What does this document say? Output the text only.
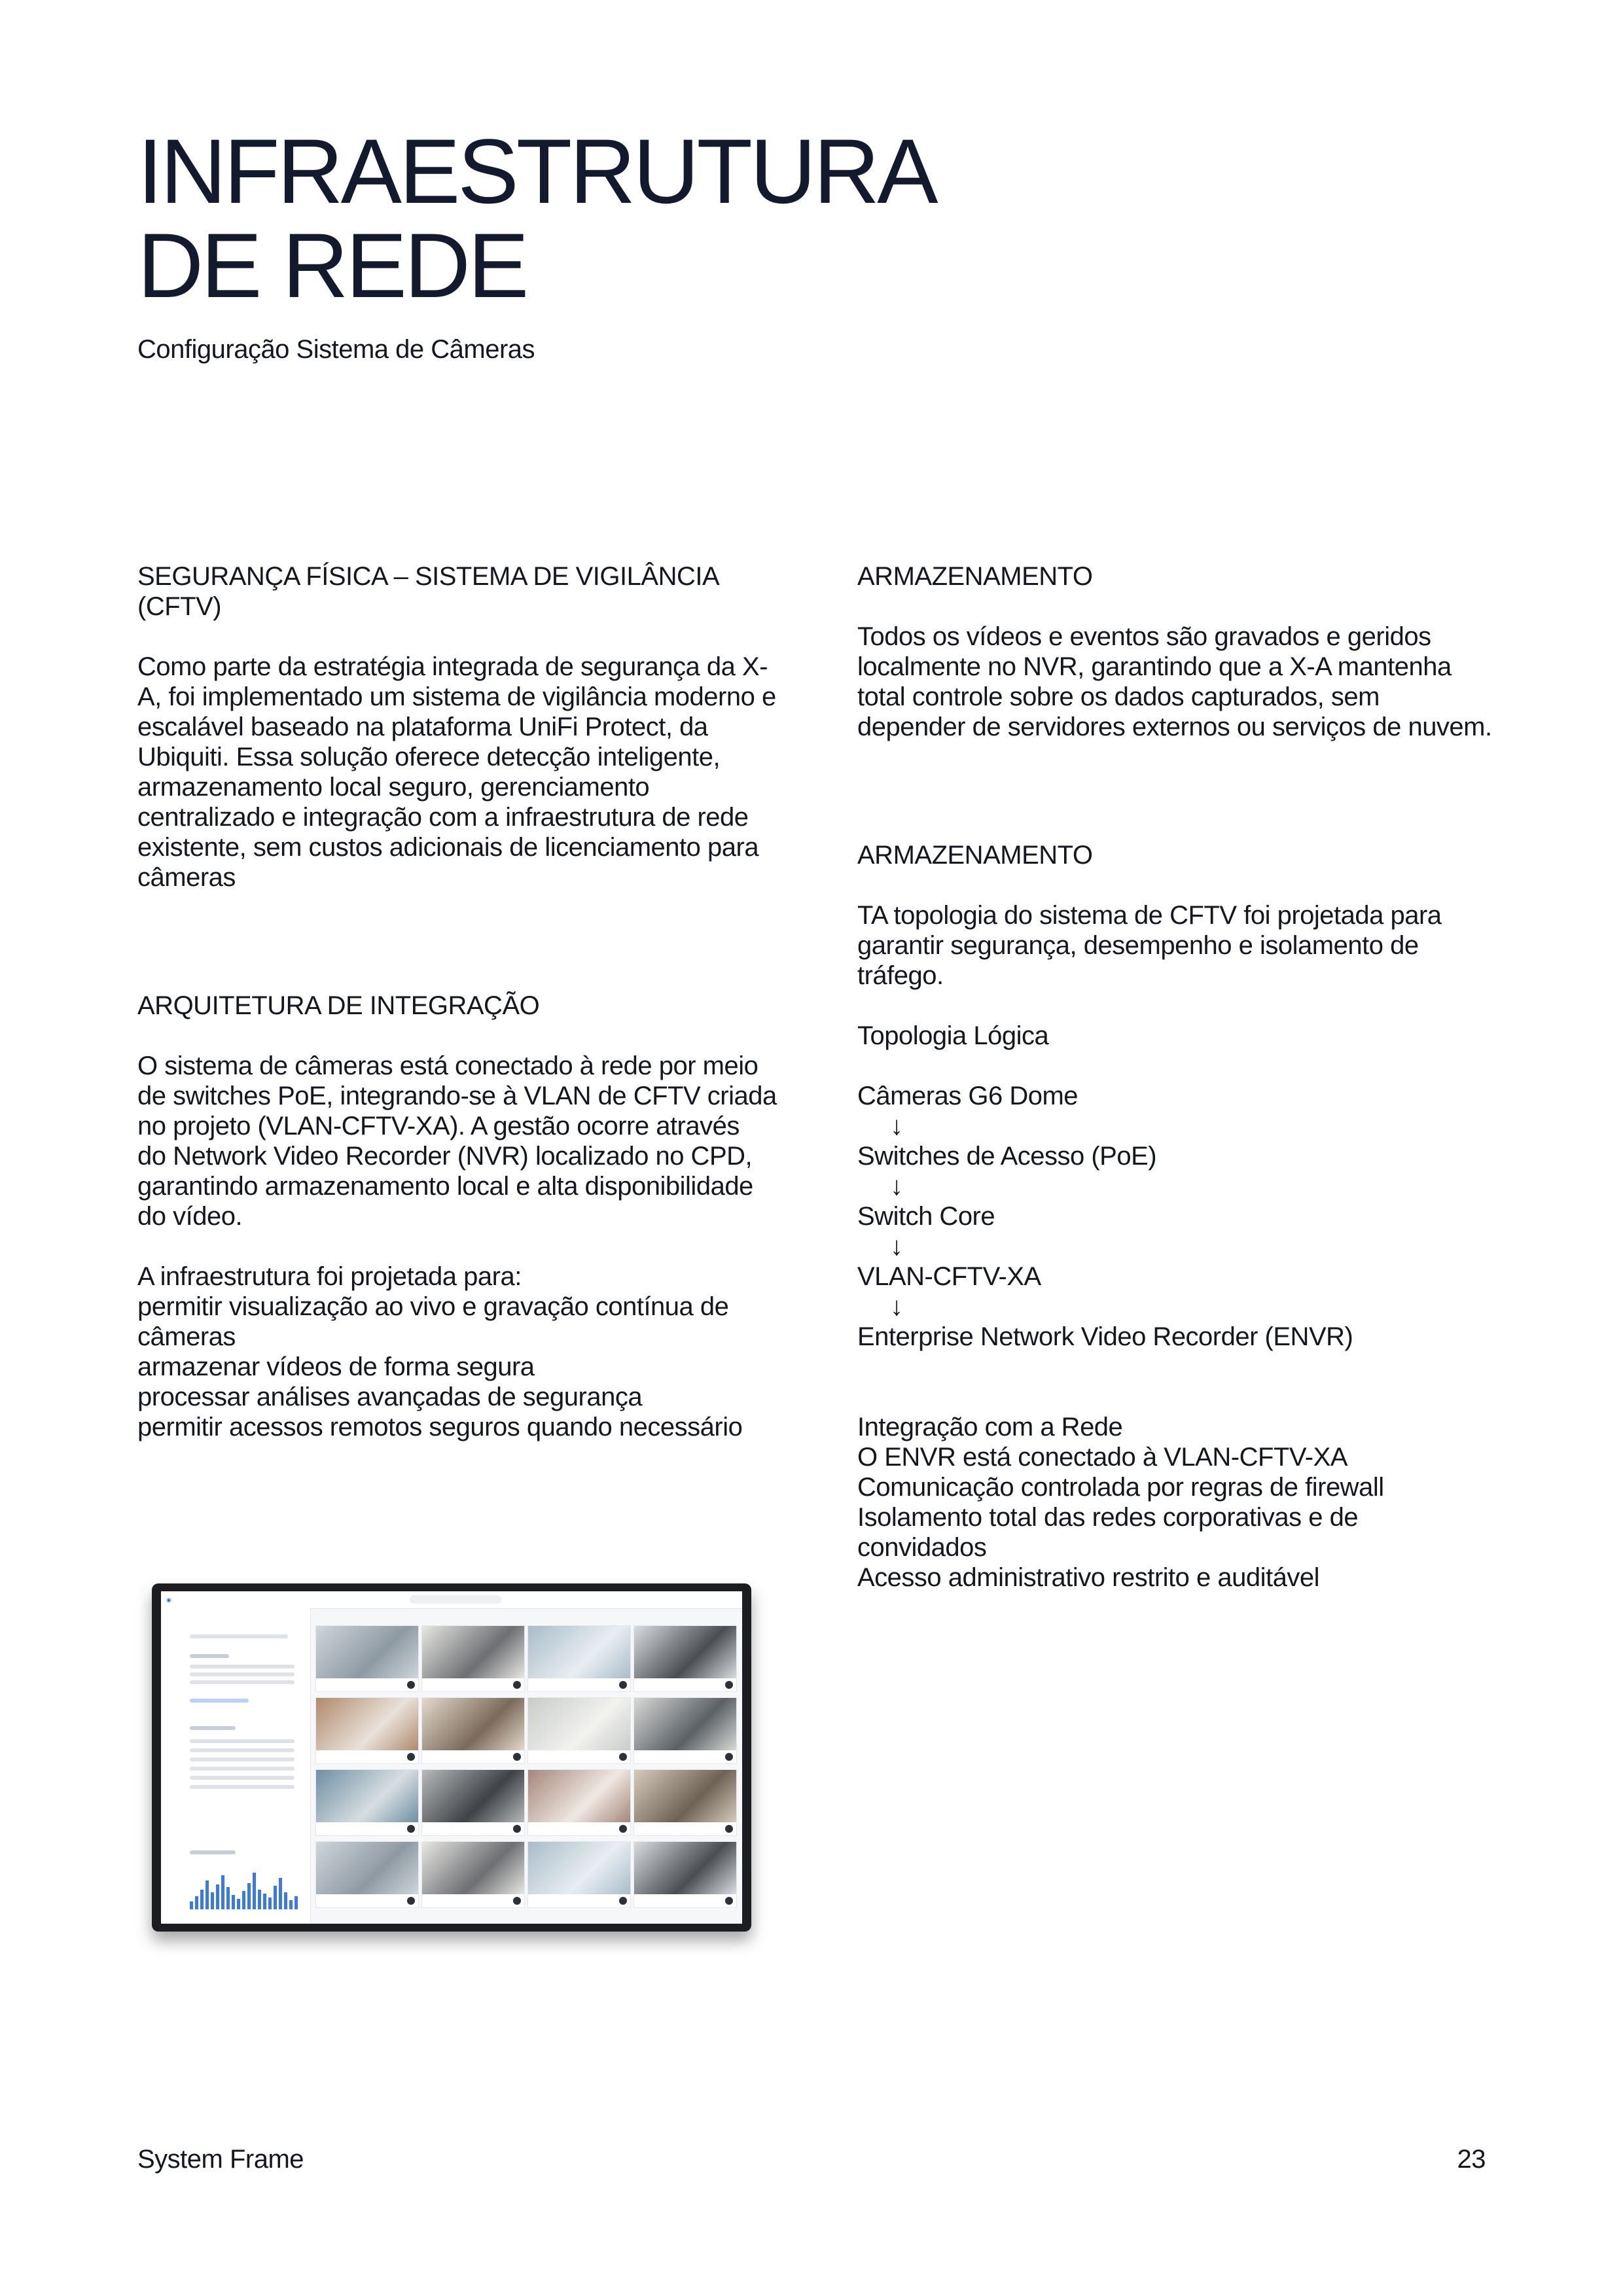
INFRAESTRUTURA
DE REDE
Configuração Sistema de Câmeras
SEGURANÇA FÍSICA – SISTEMA DE VIGILÂNCIA
(CFTV)
Como parte da estratégia integrada de segurança da X-
A, foi implementado um sistema de vigilância moderno e
escalável baseado na plataforma UniFi Protect, da
Ubiquiti. Essa solução oferece detecção inteligente,
armazenamento local seguro, gerenciamento
centralizado e integração com a infraestrutura de rede
existente, sem custos adicionais de licenciamento para
câmeras
ARQUITETURA DE INTEGRAÇÃO
O sistema de câmeras está conectado à rede por meio
de switches PoE, integrando-se à VLAN de CFTV criada
no projeto (VLAN-CFTV-XA). A gestão ocorre através
do Network Video Recorder (NVR) localizado no CPD,
garantindo armazenamento local e alta disponibilidade
do vídeo.
A infraestrutura foi projetada para:
permitir visualização ao vivo e gravação contínua de
câmeras
armazenar vídeos de forma segura
processar análises avançadas de segurança
permitir acessos remotos seguros quando necessário
ARMAZENAMENTO
Todos os vídeos e eventos são gravados e geridos
localmente no NVR, garantindo que a X-A mantenha
total controle sobre os dados capturados, sem
depender de servidores externos ou serviços de nuvem.
ARMAZENAMENTO
TA topologia do sistema de CFTV foi projetada para
garantir segurança, desempenho e isolamento de
tráfego.
Topologia Lógica
Câmeras G6 Dome
↓
Switches de Acesso (PoE)
↓
Switch Core
↓
VLAN-CFTV-XA
↓
Enterprise Network Video Recorder (ENVR)
Integração com a Rede
O ENVR está conectado à VLAN-CFTV-XA
Comunicação controlada por regras de firewall
Isolamento total das redes corporativas e de
convidados
Acesso administrativo restrito e auditável
◉
System Frame	23
